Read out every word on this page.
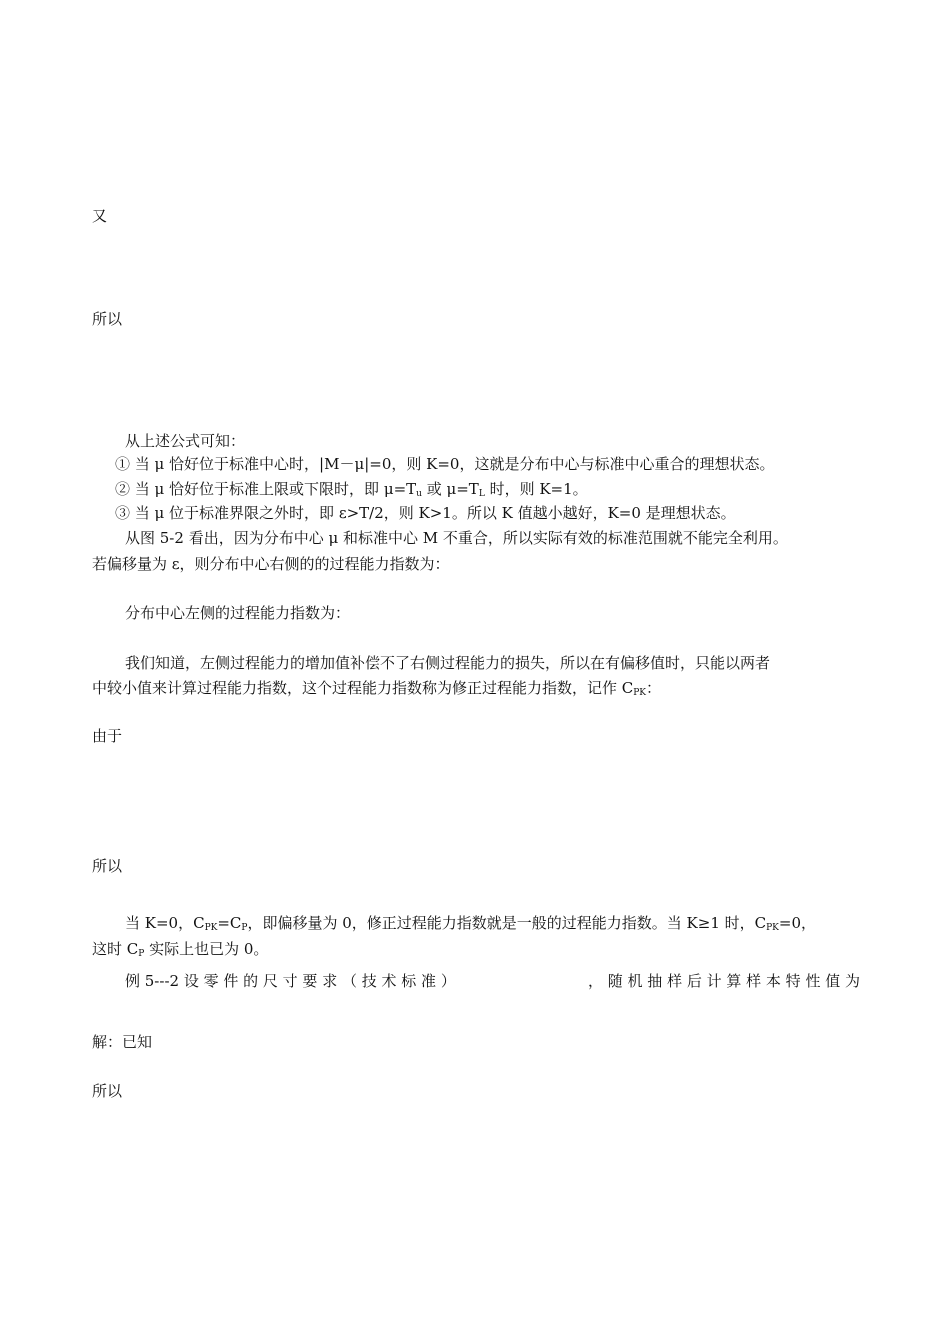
又
所以
从上述公式可知：
① 当 μ 恰好位于标准中心时，|M－μ|=0，则 K=0，这就是分布中心与标准中心重合的理想状态。
② 当 μ 恰好位于标准上限或下限时，即 $\mu=T_u$ 或 $\mu=T_L$ 时，则 K=1。
③ 当 μ 位于标准界限之外时，即 ε>T/2，则 K>1。所以 K 值越小越好，K=0 是理想状态。
从图 5-2 看出，因为分布中心 μ 和标准中心 M 不重合，所以实际有效的标准范围就不能完全利用。
若偏移量为 ε，则分布中心右侧的的过程能力指数为：
分布中心左侧的过程能力指数为：
我们知道，左侧过程能力的增加值补偿不了右侧过程能力的损失，所以在有偏移值时，只能以两者
中较小值来计算过程能力指数，这个过程能力指数称为修正过程能力指数，记作 $C_{PK}$：
由于
所以
当 K=0，$C_{PK}=C_P$，即偏移量为 0，修正过程能力指数就是一般的过程能力指数。当 K≥1 时，$C_{PK}=0$，
这时 $C_P$ 实际上也已为 0。
例 5---2 设 零 件 的 尺 寸 要 求 （ 技 术 标 准 ）	， 随 机 抽 样 后 计 算 样 本 特 性 值 为
解：已知
所以
